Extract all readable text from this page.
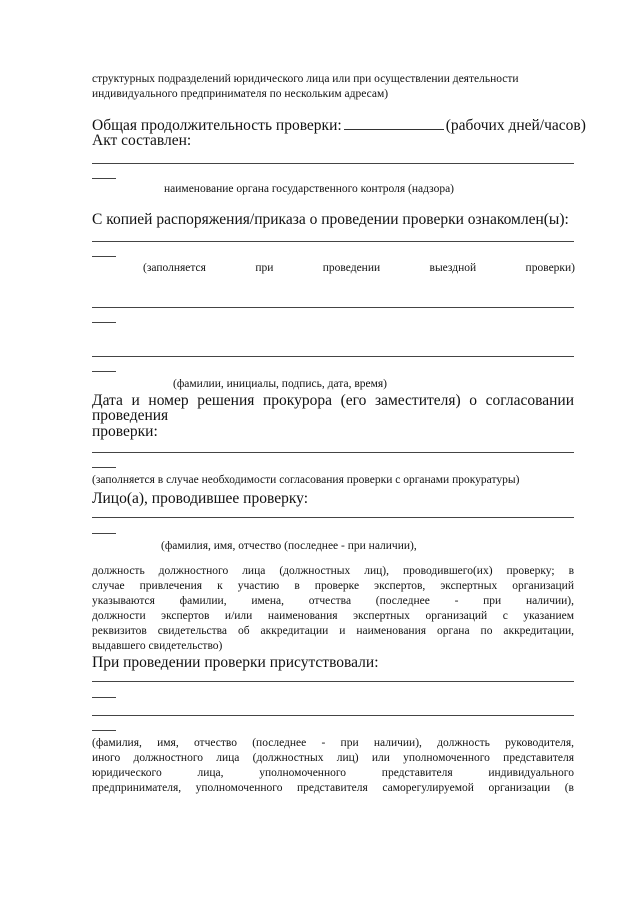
структурных подразделений юридического лица или при осуществлении деятельности
индивидуального предпринимателя по нескольким адресам)
Общая продолжительность проверки:	(рабочих дней/часов)
Акт составлен:
наименование органа государственного контроля (надзора)
С копией распоряжения/приказа о проведении проверки ознакомлен(ы):
(заполняется	при	проведении	выездной	проверки)
(фамилии, инициалы, подпись, дата, время)
Дата и номер решения прокурора (его заместителя) о согласовании
проведения
проверки:
(заполняется в случае необходимости согласования проверки с органами прокуратуры)
Лицо(а), проводившее проверку:
(фамилия, имя, отчество (последнее - при наличии),
должность должностного лица (должностных лиц), проводившего(их) проверку; в
случае привлечения к участию в проверке экспертов, экспертных организаций
указываются фамилии, имена, отчества (последнее - при наличии),
должности экспертов и/или наименования экспертных организаций с указанием
реквизитов свидетельства об аккредитации и наименования органа по аккредитации,
выдавшего свидетельство)
При проведении проверки присутствовали:
(фамилия, имя, отчество (последнее - при наличии), должность руководителя,
иного должностного лица (должностных лиц) или уполномоченного представителя
юридического лица, уполномоченного представителя индивидуального
предпринимателя, уполномоченного представителя саморегулируемой организации (в
